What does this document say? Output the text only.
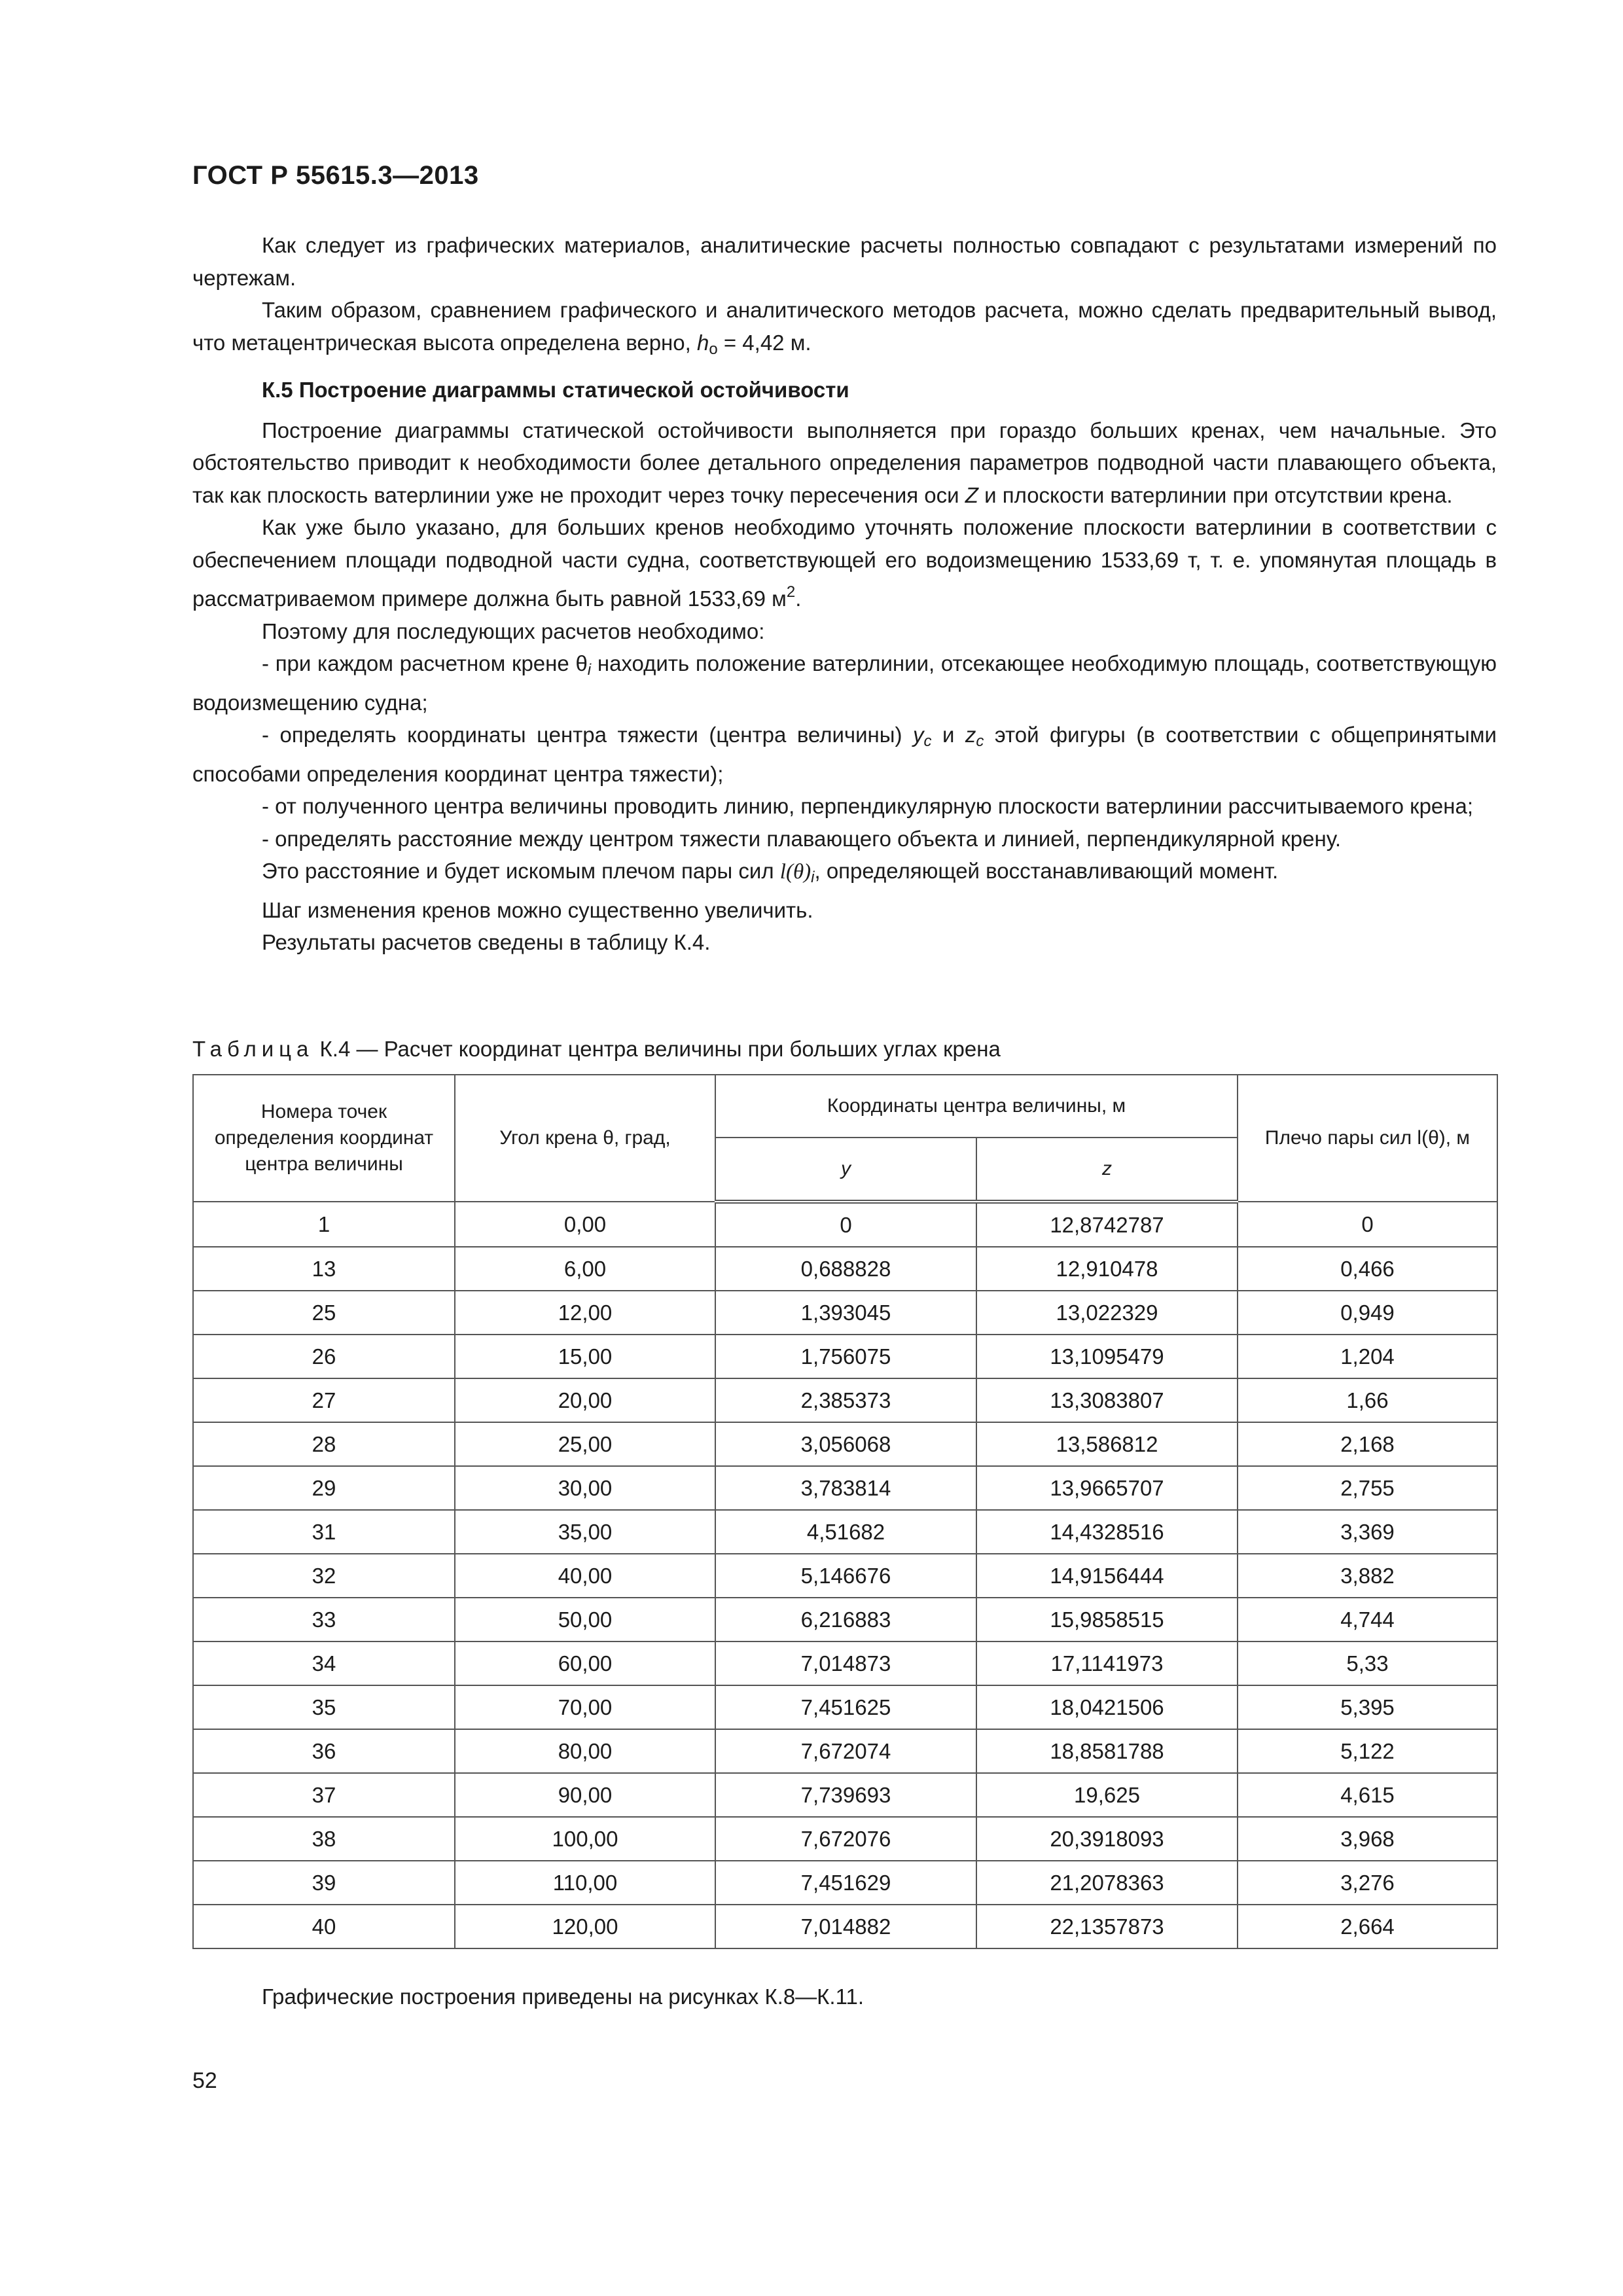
ГОСТ Р 55615.3—2013

Как следует из графических материалов, аналитические расчеты полностью совпадают с результатами измерений по чертежам.

Таким образом, сравнением графического и аналитического методов расчета, можно сделать предварительный вывод, что метацентрическая высота определена верно, $h_о = 4,42$ м.

К.5 Построение диаграммы статической остойчивости

Построение диаграммы статической остойчивости выполняется при гораздо больших кренах, чем начальные. Это обстоятельство приводит к необходимости более детального определения параметров подводной части плавающего объекта, так как плоскость ватерлинии уже не проходит через точку пересечения оси Z и плоскости ватерлинии при отсутствии крена.

Как уже было указано, для больших кренов необходимо уточнять положение плоскости ватерлинии в соответствии с обеспечением площади подводной части судна, соответствующей его водоизмещению 1533,69 т, т. е. упомянутая площадь в рассматриваемом примере должна быть равной 1533,69 $м^2$.

Поэтому для последующих расчетов необходимо:

- при каждом расчетном крене $\theta_i$ находить положение ватерлинии, отсекающее необходимую площадь, соответствующую водоизмещению судна;

- определять координаты центра тяжести (центра величины) $y_c$ и $z_c$ этой фигуры (в соответствии с общепринятыми способами определения координат центра тяжести);

- от полученного центра величины проводить линию, перпендикулярную плоскости ватерлинии рассчитываемого крена;

- определять расстояние между центром тяжести плавающего объекта и линией, перпендикулярной крену.

Это расстояние и будет искомым плечом пары сил $l(\theta)_i$, определяющей восстанавливающий момент.

Шаг изменения кренов можно существенно увеличить.

Результаты расчетов сведены в таблицу К.4.

Таблица К.4 — Расчет координат центра величины при больших углах крена
Номера точек определения координат центра величины	Угол крена θ, град,	Координаты центра величины, м		Плечо пары сил l(θ), м
		y	z	
1	0,00	0	12,8742787	0
13	6,00	0,688828	12,910478	0,466
25	12,00	1,393045	13,022329	0,949
26	15,00	1,756075	13,1095479	1,204
27	20,00	2,385373	13,3083807	1,66
28	25,00	3,056068	13,586812	2,168
29	30,00	3,783814	13,9665707	2,755
31	35,00	4,51682	14,4328516	3,369
32	40,00	5,146676	14,9156444	3,882
33	50,00	6,216883	15,9858515	4,744
34	60,00	7,014873	17,1141973	5,33
35	70,00	7,451625	18,0421506	5,395
36	80,00	7,672074	18,8581788	5,122
37	90,00	7,739693	19,625	4,615
38	100,00	7,672076	20,3918093	3,968
39	110,00	7,451629	21,2078363	3,276
40	120,00	7,014882	22,1357873	2,664
Графические построения приведены на рисунках К.8—К.11.
52
